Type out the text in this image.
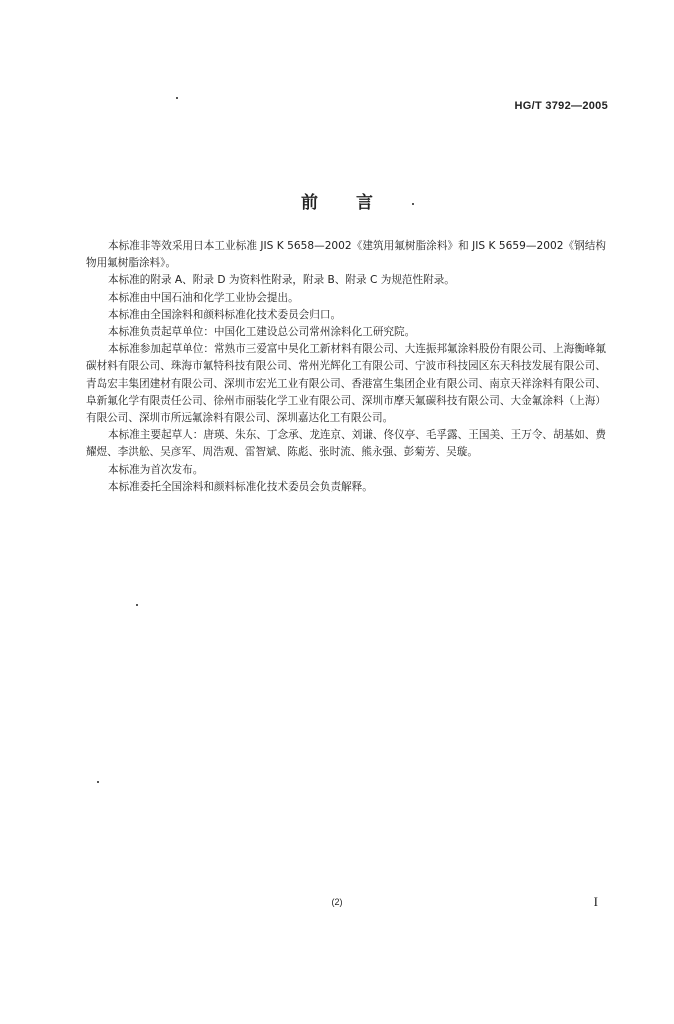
HG/T 3792—2005
前言

本标准非等效采用日本工业标准 JIS K 5658—2002《建筑用氟树脂涂料》和 JIS K 5659—2002《钢结构物用氟树脂涂料》。

本标准的附录 A、附录 D 为资料性附录，附录 B、附录 C 为规范性附录。

本标准由中国石油和化学工业协会提出。

本标准由全国涂料和颜料标准化技术委员会归口。

本标准负责起草单位：中国化工建设总公司常州涂料化工研究院。

本标准参加起草单位：常熟市三爱富中昊化工新材料有限公司、大连振邦氟涂料股份有限公司、上海衡峰氟碳材料有限公司、珠海市氟特科技有限公司、常州光辉化工有限公司、宁波市科技园区东天科技发展有限公司、青岛宏丰集团建材有限公司、深圳市宏光工业有限公司、香港富生集团企业有限公司、南京天祥涂料有限公司、阜新氟化学有限责任公司、徐州市丽装化学工业有限公司、深圳市摩天氟碳科技有限公司、大金氟涂料（上海）有限公司、深圳市所远氟涂料有限公司、深圳嘉达化工有限公司。

本标准主要起草人：唐瑛、朱东、丁念承、龙连京、刘谦、佟仪亭、毛孚露、王国美、王万令、胡基如、费耀煜、李洪舩、吴彦军、周浩观、雷智斌、陈彪、张时流、熊永强、彭菊芳、吴璇。

本标准为首次发布。

本标准委托全国涂料和颜料标准化技术委员会负责解释。

(2)	I
